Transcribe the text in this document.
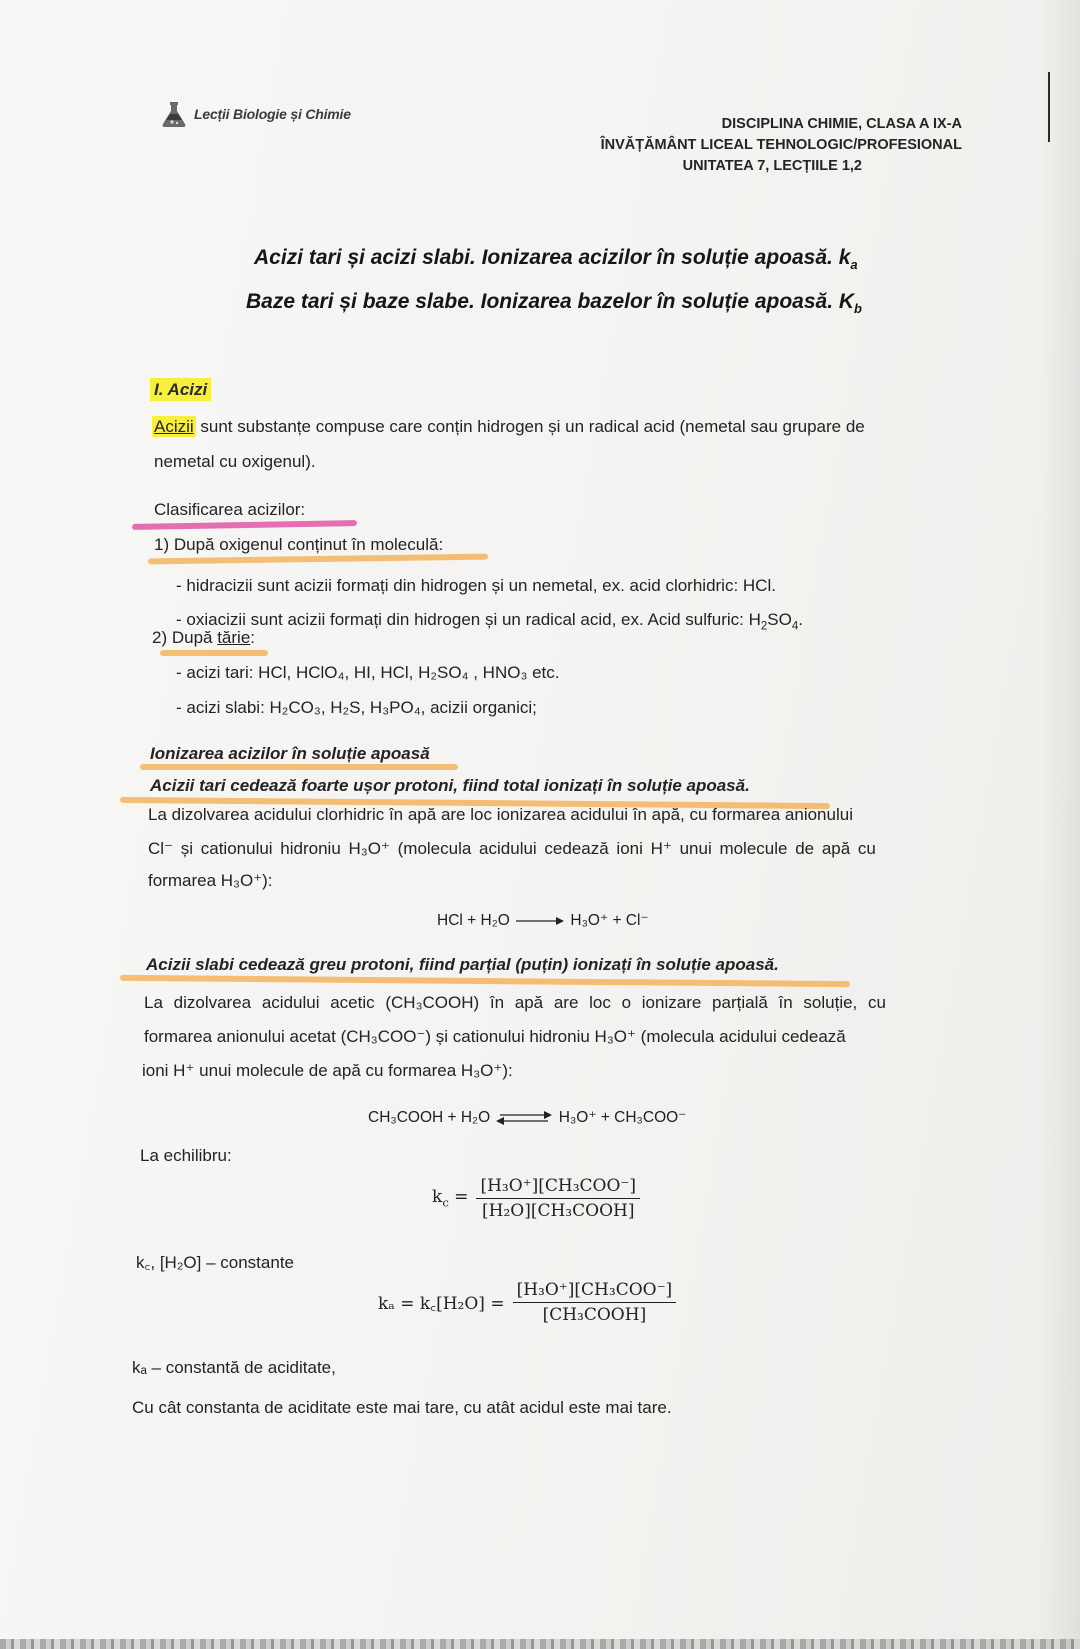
Lecții Biologie și Chimie
DISCIPLINA CHIMIE, CLASA A IX-A
ÎNVĂȚĂMÂNT LICEAL TEHNOLOGIC/PROFESIONAL
UNITATEA 7, LECȚIILE 1,2
Acizi tari și acizi slabi. Ionizarea acizilor în soluție apoasă. $k_a$
Baze tari și baze slabe. Ionizarea bazelor în soluție apoasă. $K_b$
I. Acizi
Acizii sunt substanțe compuse care conțin hidrogen și un radical acid (nemetal sau grupare de
nemetal cu oxigenul).
Clasificarea acizilor:
1) După oxigenul conținut în moleculă:
- hidracizii sunt acizii formați din hidrogen și un nemetal, ex. acid clorhidric: HCl.
- oxiacizii sunt acizii formați din hidrogen și un radical acid, ex. Acid sulfuric: $H_2SO_4$.
2) După tărie:
- acizi tari: HCl, HClO₄, HI, HCl, H₂SO₄ , HNO₃ etc.
- acizi slabi: H₂CO₃, H₂S, H₃PO₄, acizii organici;
Ionizarea acizilor în soluție apoasă
Acizii tari cedează foarte ușor protoni, fiind total ionizați în soluție apoasă.
La dizolvarea acidului clorhidric în apă are loc ionizarea acidului în apă, cu formarea anionului
Cl⁻ și cationului hidroniu H₃O⁺ (molecula acidului cedează ioni H⁺ unui molecule de apă cu
formarea H₃O⁺):
HCl + H₂O → H₃O⁺ + Cl⁻
Acizii slabi cedează greu protoni, fiind parțial (puțin) ionizați în soluție apoasă.
La dizolvarea acidului acetic (CH₃COOH) în apă are loc o ionizare parțială în soluție, cu
formarea anionului acetat (CH₃COO⁻) și cationului hidroniu H₃O⁺ (molecula acidului cedează
ioni H⁺ unui molecule de apă cu formarea H₃O⁺):
CH₃COOH + H₂O ⇌ H₃O⁺ + CH₃COO⁻
La echilibru:
$k_c = \frac{\text{[H₃O⁺][CH₃COO⁻]}}{\text{[H₂O][CH₃COOH]}}$
k꜀, [H₂O] – constante
kₐ = k꜀[H₂O] = $\frac{\text{[H₃O⁺][CH₃COO⁻]}}{\text{[CH₃COOH]}}$
kₐ – constantă de aciditate,
Cu cât constanta de aciditate este mai tare, cu atât acidul este mai tare.
